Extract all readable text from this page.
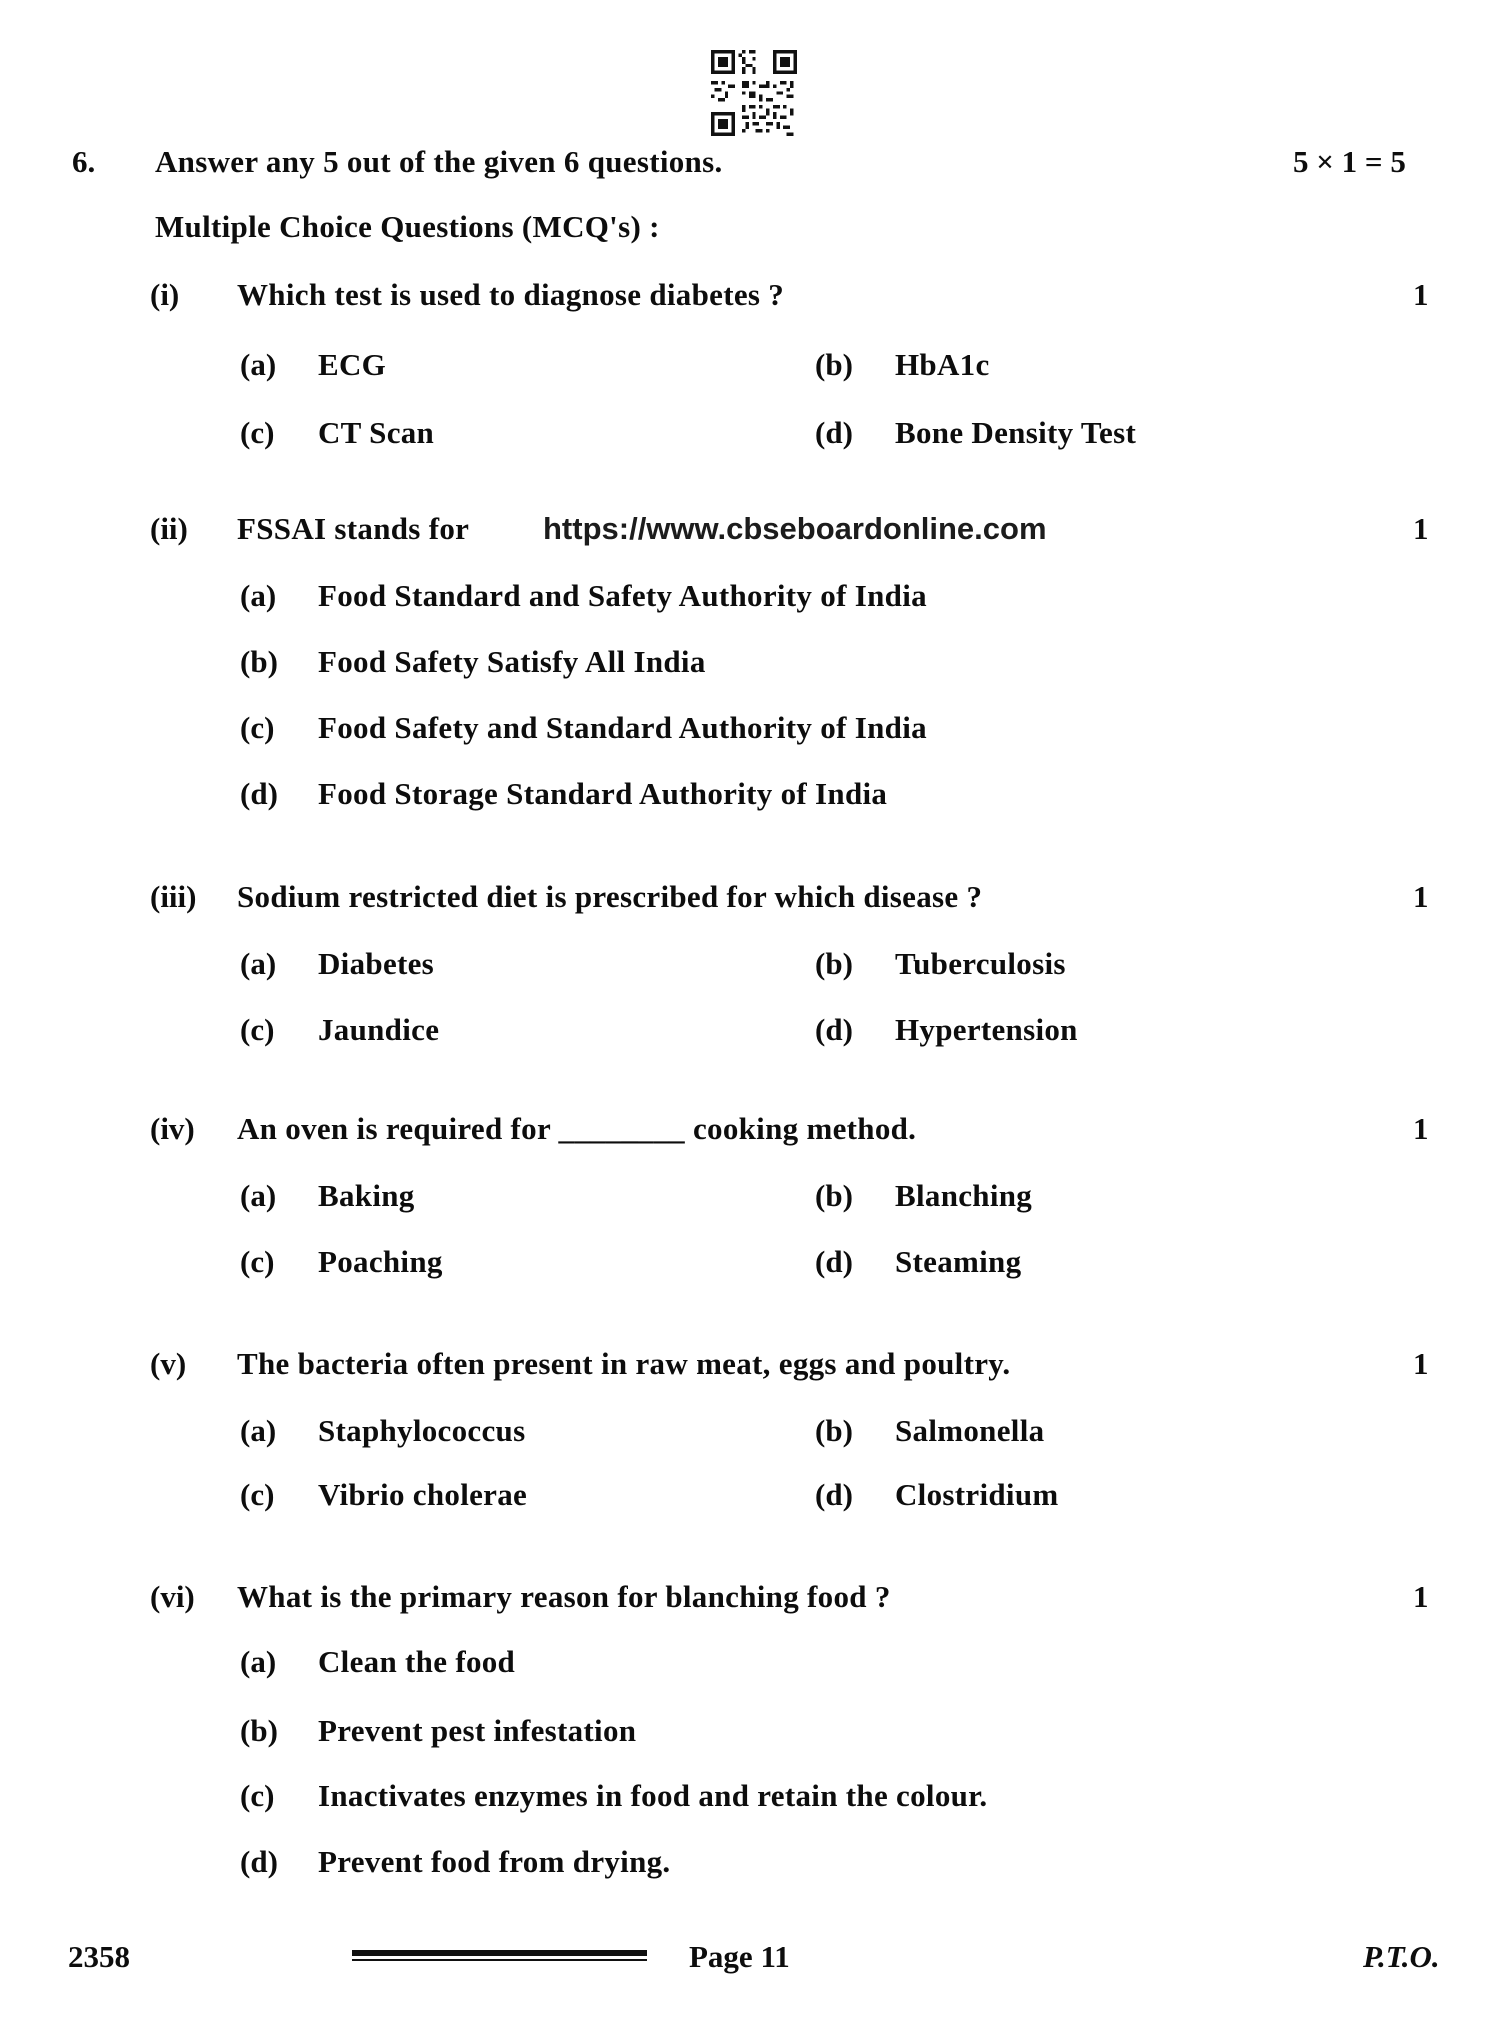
6. Answer any 5 out of the given 6 questions.	5 × 1 = 5
Multiple Choice Questions (MCQ's) :
(i) Which test is used to diagnose diabetes ?	1
(a) ECG	(b) HbA1c
(c) CT Scan	(d) Bone Density Test
(ii) FSSAI stands for https://www.cbseboardonline.com	1
(a) Food Standard and Safety Authority of India
(b) Food Safety Satisfy All India
(c) Food Safety and Standard Authority of India
(d) Food Storage Standard Authority of India
(iii) Sodium restricted diet is prescribed for which disease ?	1
(a) Diabetes	(b) Tuberculosis
(c) Jaundice	(d) Hypertension
(iv) An oven is required for ________ cooking method.	1
(a) Baking	(b) Blanching
(c) Poaching	(d) Steaming
(v) The bacteria often present in raw meat, eggs and poultry.	1
(a) Staphylococcus	(b) Salmonella
(c) Vibrio cholerae	(d) Clostridium
(vi) What is the primary reason for blanching food ?	1
(a) Clean the food
(b) Prevent pest infestation
(c) Inactivates enzymes in food and retain the colour.
(d) Prevent food from drying.
2358	Page 11	P.T.O.
